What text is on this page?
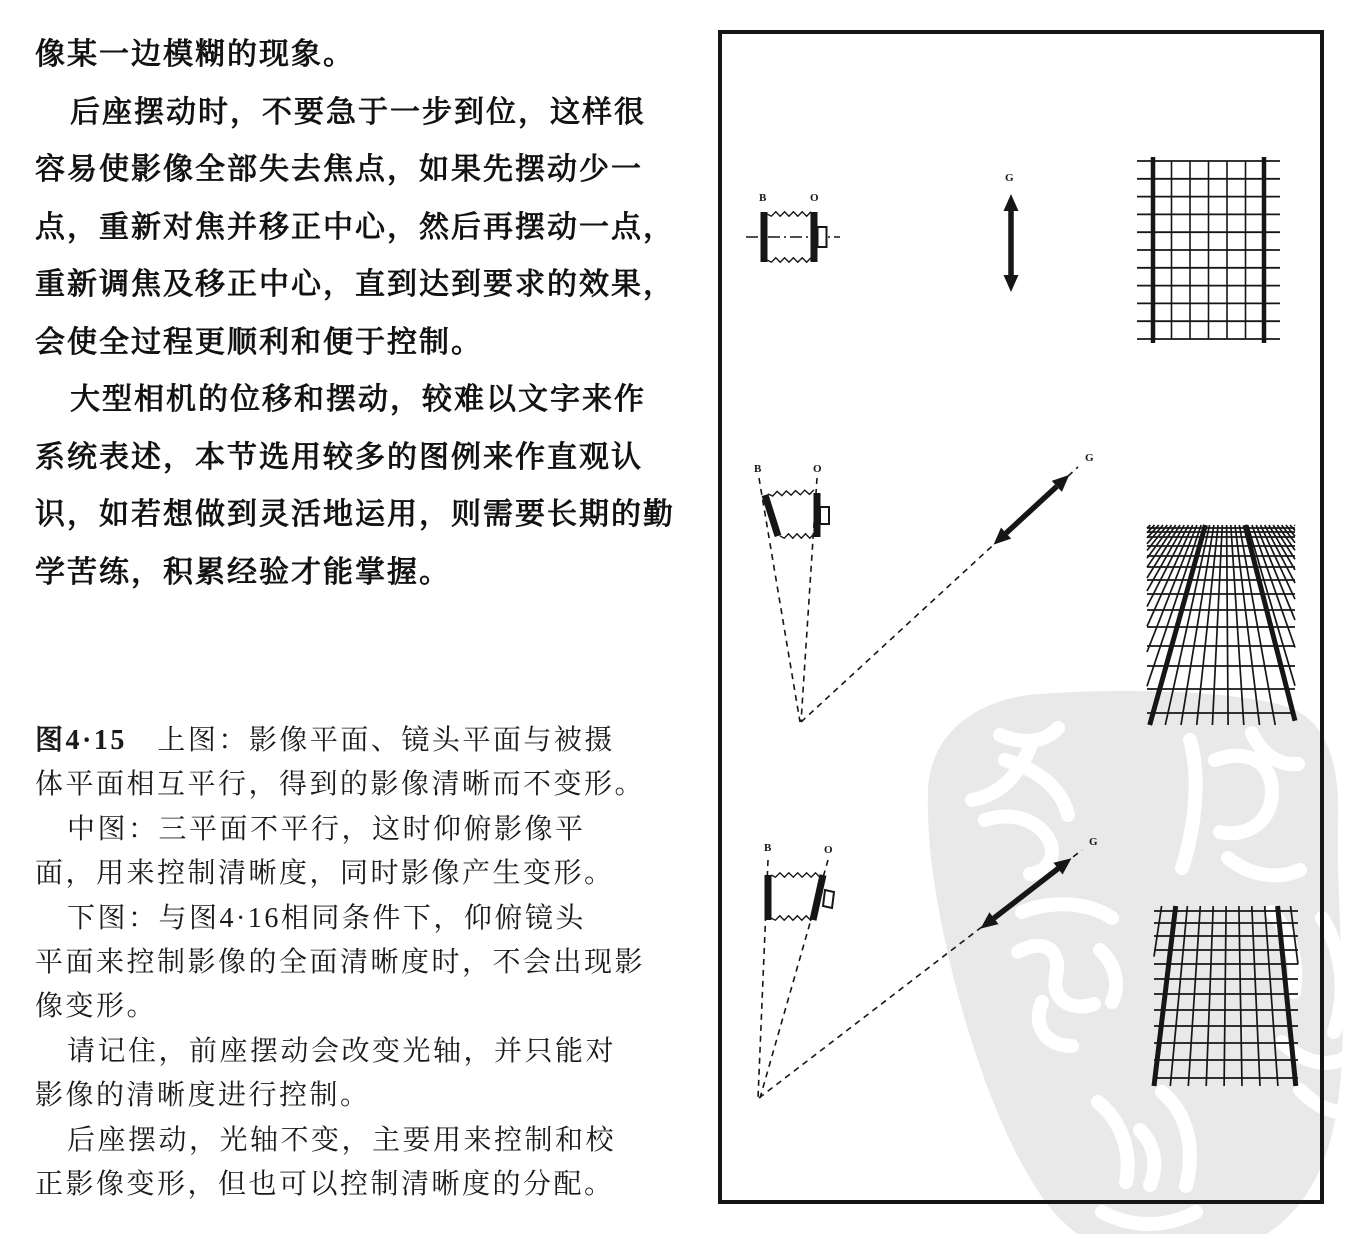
像某一边模糊的现象。
后座摆动时，不要急于一步到位，这样很
容易使影像全部失去焦点，如果先摆动少一
点，重新对焦并移正中心，然后再摆动一点，
重新调焦及移正中心，直到达到要求的效果，
会使全过程更顺利和便于控制。
大型相机的位移和摆动，较难以文字来作
系统表述，本节选用较多的图例来作直观认
识，如若想做到灵活地运用，则需要长期的勤
学苦练，积累经验才能掌握。
图4·15　上图：影像平面、镜头平面与被摄
体平面相互平行，得到的影像清晰而不变形。
中图：三平面不平行，这时仰俯影像平
面，用来控制清晰度，同时影像产生变形。
下图：与图4·16相同条件下，仰俯镜头
平面来控制影像的全面清晰度时，不会出现影
像变形。
请记住，前座摆动会改变光轴，并只能对
影像的清晰度进行控制。
后座摆动，光轴不变，主要用来控制和校
正影像变形，但也可以控制清晰度的分配。
B	O
G
B	O
G
B	O
G
